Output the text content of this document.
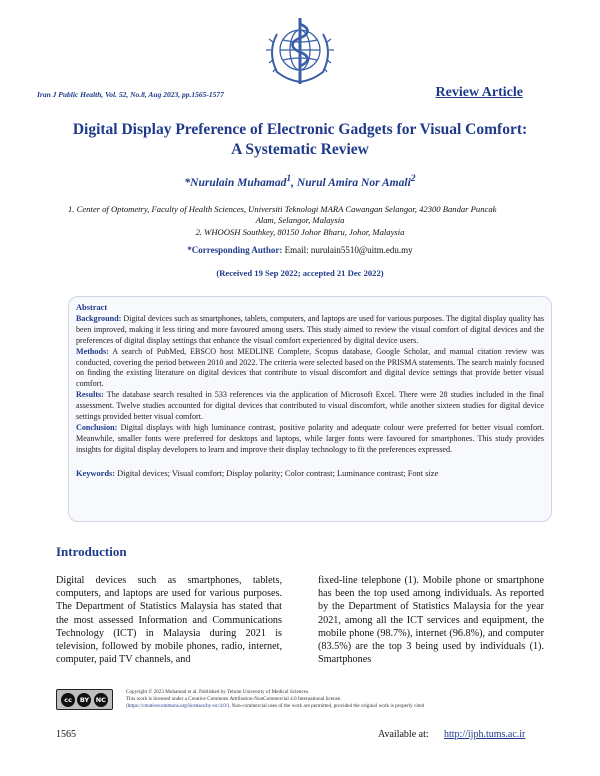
Iran J Public Health, Vol. 52, No.8, Aug 2023, pp.1565-1577	Review Article
Digital Display Preference of Electronic Gadgets for Visual Comfort:
A Systematic Review
*Nurulain Muhamad$^1$, Nurul Amira Nor Amali$^2$
1. Center of Optometry, Faculty of Health Sciences, Universiti Teknologi MARA Cawangan Selangor, 42300 Bandar Puncak
Alam, Selangor, Malaysia
2. WHOOSH Southkey, 80150 Johor Bharu, Johor, Malaysia
*Corresponding Author: Email: nurulain5510@uitm.edu.my
(Received 19 Sep 2022; accepted 21 Dec 2022)
Abstract
Background: Digital devices such as smartphones, tablets, computers, and laptops are used for various purposes. The digital display quality has been improved, making it less tiring and more favoured among users. This study aimed to review the visual comfort of digital devices and the preferences of digital display settings that enhance the visual comfort experienced by digital device users.
Methods: A search of PubMed, EBSCO host MEDLINE Complete, Scopus database, Google Scholar, and manual citation review was conducted, covering the period between 2010 and 2022. The criteria were selected based on the PRISMA statements. The search mainly focused on finding the existing literature on digital devices that contribute to visual discomfort and digital device settings that provide better visual comfort.
Results: The database search resulted in 533 references via the application of Microsoft Excel. There were 28 studies included in the final assessment. Twelve studies accounted for digital devices that contributed to visual discomfort, while another sixteen studies for digital device settings provided better visual comfort.
Conclusion: Digital displays with high luminance contrast, positive polarity and adequate colour were preferred for better visual comfort. Meanwhile, smaller fonts were preferred for desktops and laptops, while larger fonts were favoured for smartphones. This study provides insights for digital display developers to learn and improve their display technology to fit the preferences expressed.
Keywords: Digital devices; Visual comfort; Display polarity; Color contrast; Luminance contrast; Font size
Introduction
Digital devices such as smartphones, tablets, computers, and laptops are used for various purposes. The Department of Statistics Malaysia has stated that the most assessed Information and Communications Technology (ICT) in Malaysia during 2021 is television, followed by mobile phones, radio, internet, computer, paid TV channels, and
fixed-line telephone (1). Mobile phone or smartphone has been the top used among individuals. As reported by the Department of Statistics Malaysia for the year 2021, among all the ICT services and equipment, the mobile phone (98.7%), internet (96.8%), and computer (83.5%) are the top 3 being used by individuals (1). Smartphones
cc	BY	NC
Copyright © 2023 Muhamad et al. Published by Tehran University of Medical Sciences.
This work is licensed under a Creative Commons Attribution-NonCommercial 4.0 International license.
(https://creativecommons.org/licenses/by-nc/4.0/). Non-commercial uses of the work are permitted, provided the original work is properly cited
1565	Available at: http://ijph.tums.ac.ir
